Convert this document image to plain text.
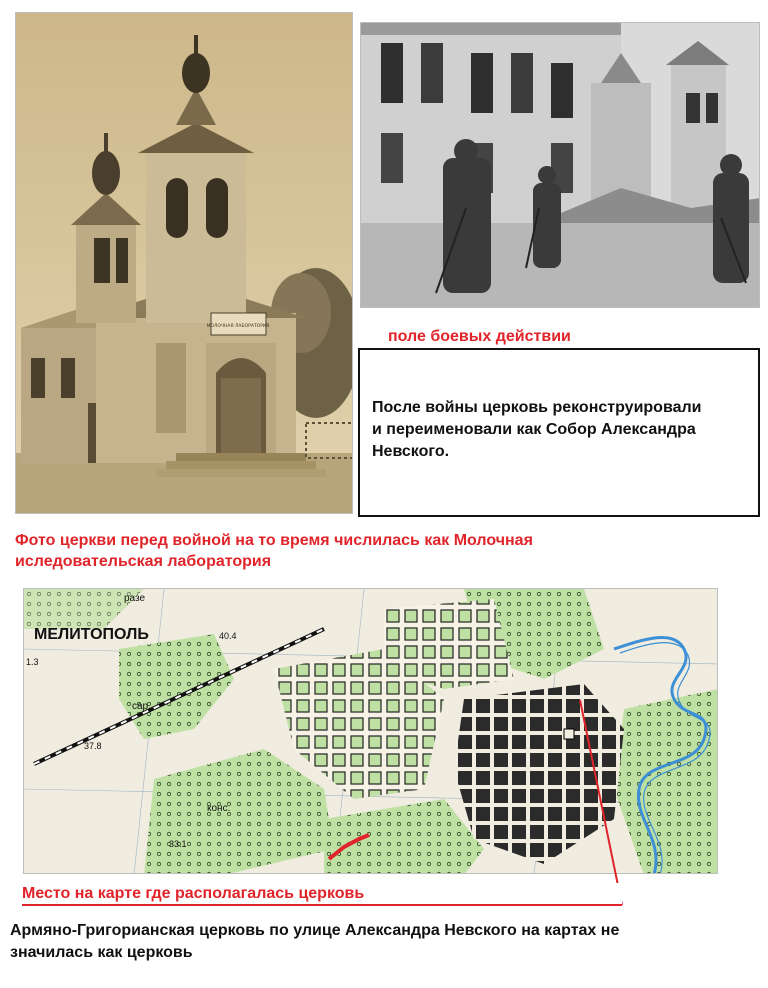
МОЛОЧНАЯ ЛАБОРАТОРИЯ
поле боевых действии
После войны церковь реконструировали
и переименовали как Собор Александра
Невского.
Фото церкви перед войной на то время числилась как Молочная
иследовательская лаборатория
МЕЛИТОПОЛЬ	40.4
37.8
33.1
1.3
сар.
конс.
разе
Место на карте где располагалась церковь
Армяно-Григорианская церковь по улице Александра Невского на картах не
значилась как церковь
